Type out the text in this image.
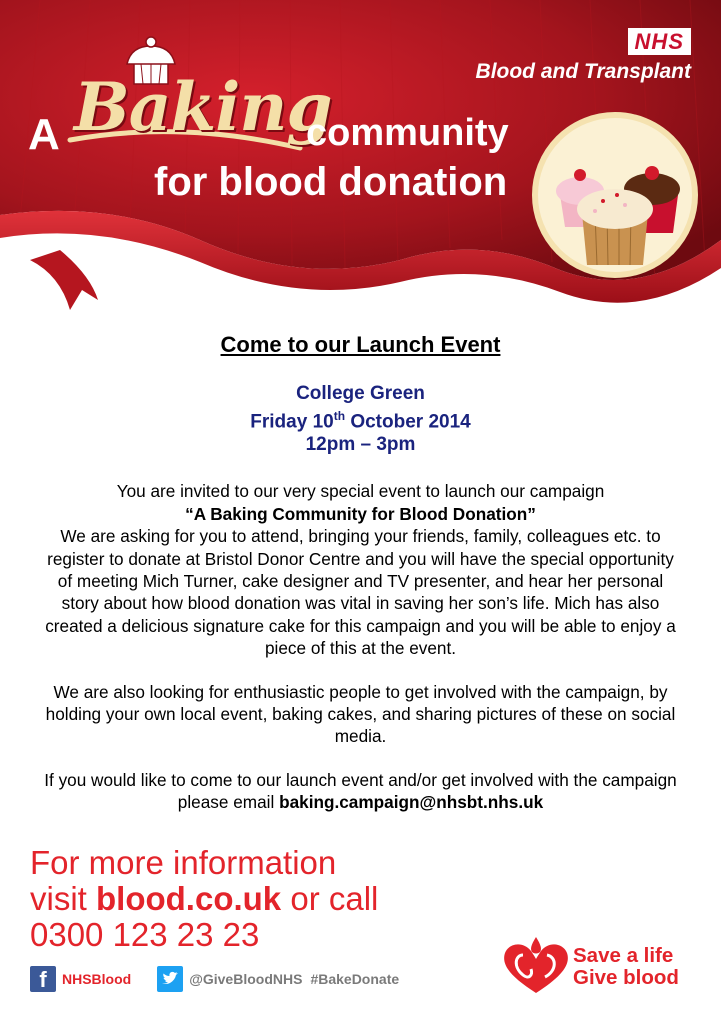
NHS
Blood and Transplant
A Baking
community
for blood donation
Come to our Launch Event
College Green
Friday 10th October 2014
12pm – 3pm
You are invited to our very special event to launch our campaign
“A Baking Community for Blood Donation”
We are asking for you to attend, bringing your friends, family, colleagues etc. to register to donate at Bristol Donor Centre and you will have the special opportunity of meeting Mich Turner, cake designer and TV presenter, and hear her personal story about how blood donation was vital in saving her son’s life. Mich has also created a delicious signature cake for this campaign and you will be able to enjoy a piece of this at the event.

We are also looking for enthusiastic people to get involved with the campaign, by holding your own local event, baking cakes, and sharing pictures of these on social media.

If you would like to come to our launch event and/or get involved with the campaign please email baking.campaign@nhsbt.nhs.uk

For more information
visit blood.co.uk or call
0300 123 23 23
f	NHSBlood	@GiveBloodNHS #BakeDonate
Save a life
Give blood
